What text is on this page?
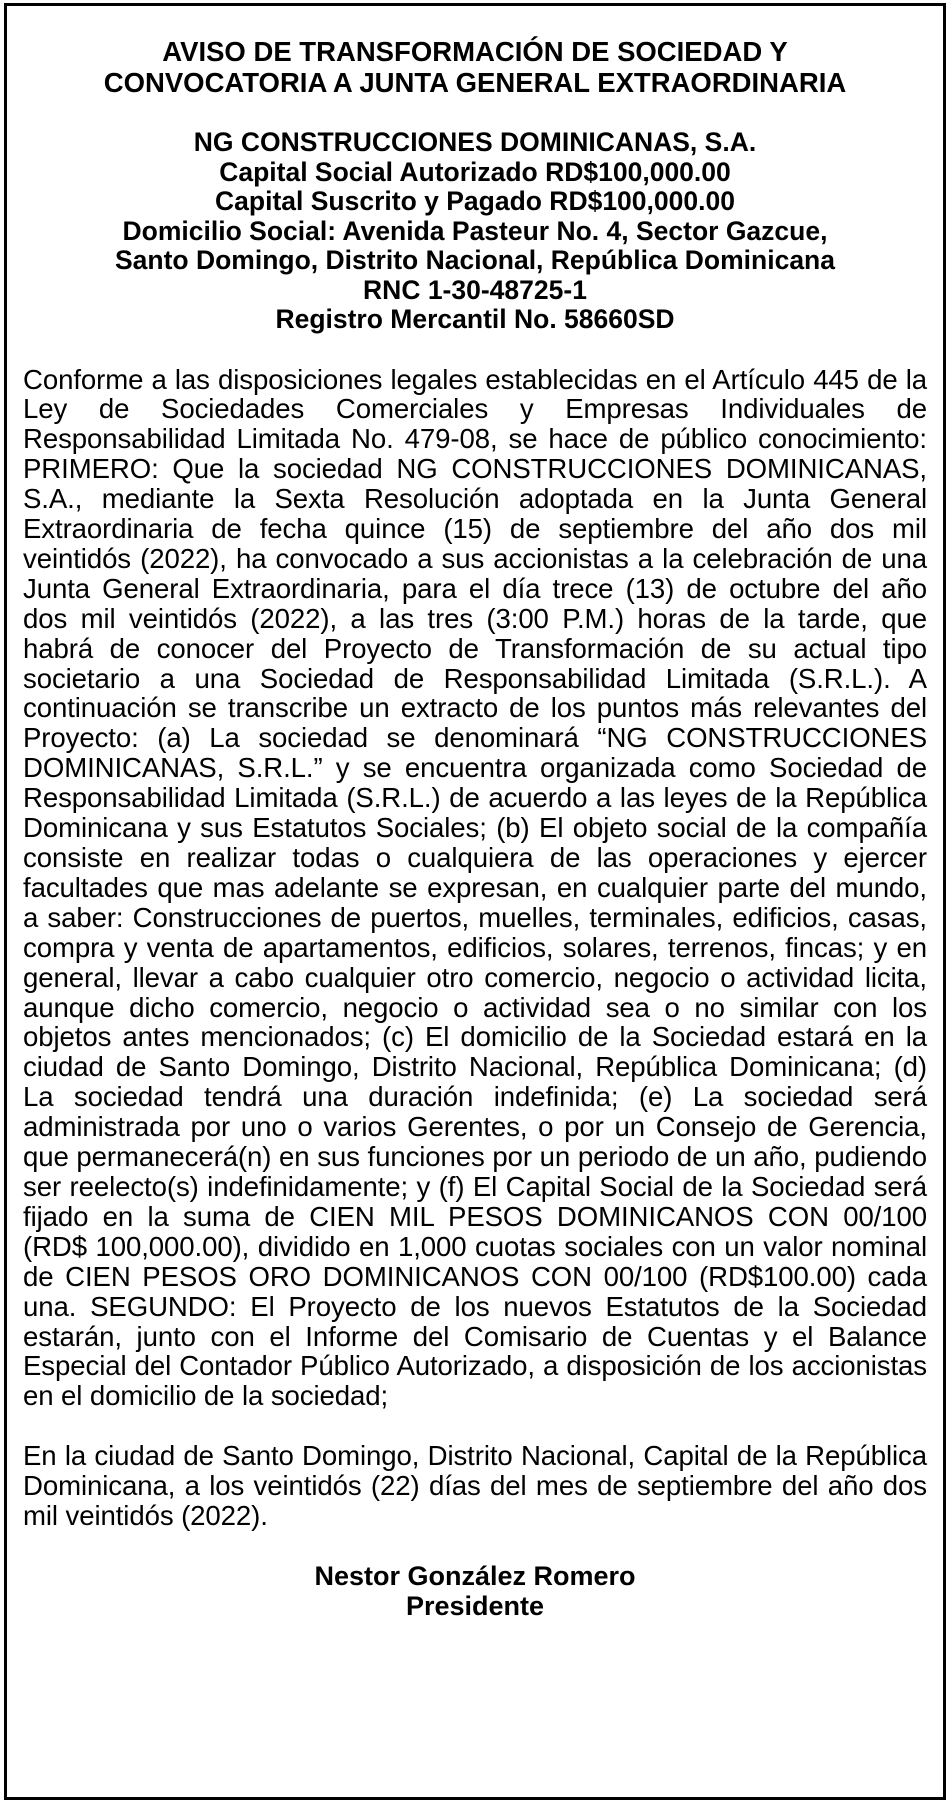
AVISO DE TRANSFORMACIÓN DE SOCIEDAD Y
CONVOCATORIA A JUNTA GENERAL EXTRAORDINARIA
NG CONSTRUCCIONES DOMINICANAS, S.A.
Capital Social Autorizado RD$100,000.00
Capital Suscrito y Pagado RD$100,000.00
Domicilio Social: Avenida Pasteur No. 4, Sector Gazcue,
Santo Domingo, Distrito Nacional, República Dominicana
RNC 1-30-48725-1
Registro Mercantil No. 58660SD

Conforme a las disposiciones legales establecidas en el Artículo 445 de la Ley de Sociedades Comerciales y Empresas Individuales de Responsabilidad Limitada No. 479-08, se hace de público conocimiento: PRIMERO: Que la sociedad NG CONSTRUCCIONES DOMINICANAS, S.A., mediante la Sexta Resolución adoptada en la Junta General Extraordinaria de fecha quince (15) de septiembre del año dos mil veintidós (2022), ha convocado a sus accionistas a la celebración de una Junta General Extraordinaria, para el día trece (13) de octubre del año dos mil veintidós (2022), a las tres (3:00 P.M.) horas de la tarde, que habrá de conocer del Proyecto de Transformación de su actual tipo societario a una Sociedad de Responsabilidad Limitada (S.R.L.). A continuación se transcribe un extracto de los puntos más relevantes del Proyecto: (a) La sociedad se denominará “NG CONSTRUCCIONES DOMINICANAS, S.R.L.” y se encuentra organizada como Sociedad de Responsabilidad Limitada (S.R.L.) de acuerdo a las leyes de la República Dominicana y sus Estatutos Sociales; (b) El objeto social de la compañía consiste en realizar todas o cualquiera de las operaciones y ejercer facultades que mas adelante se expresan, en cualquier parte del mundo, a saber: Construcciones de puertos, muelles, terminales, edificios, casas, compra y venta de apartamentos, edificios, solares, terrenos, fincas; y en general, llevar a cabo cualquier otro comercio, negocio o actividad licita, aunque dicho comercio, negocio o actividad sea o no similar con los objetos antes mencionados; (c) El domicilio de la Sociedad estará en la ciudad de Santo Domingo, Distrito Nacional, República Dominicana; (d) La sociedad tendrá una duración indefinida; (e) La sociedad será administrada por uno o varios Gerentes, o por un Consejo de Gerencia, que permanecerá(n) en sus funciones por un periodo de un año, pudiendo ser reelecto(s) indefinidamente; y (f) El Capital Social de la Sociedad será fijado en la suma de CIEN MIL PESOS DOMINICANOS CON 00/100 (RD$ 100,000.00), dividido en 1,000 cuotas sociales con un valor nominal de CIEN PESOS ORO DOMINICANOS CON 00/100 (RD$100.00) cada una. SEGUNDO: El Proyecto de los nuevos Estatutos de la Sociedad estarán, junto con el Informe del Comisario de Cuentas y el Balance Especial del Contador Público Autorizado, a disposición de los accionistas en el domicilio de la sociedad;

En la ciudad de Santo Domingo, Distrito Nacional, Capital de la República Dominicana, a los veintidós (22) días del mes de septiembre del año dos mil veintidós (2022).

Nestor González Romero
Presidente
